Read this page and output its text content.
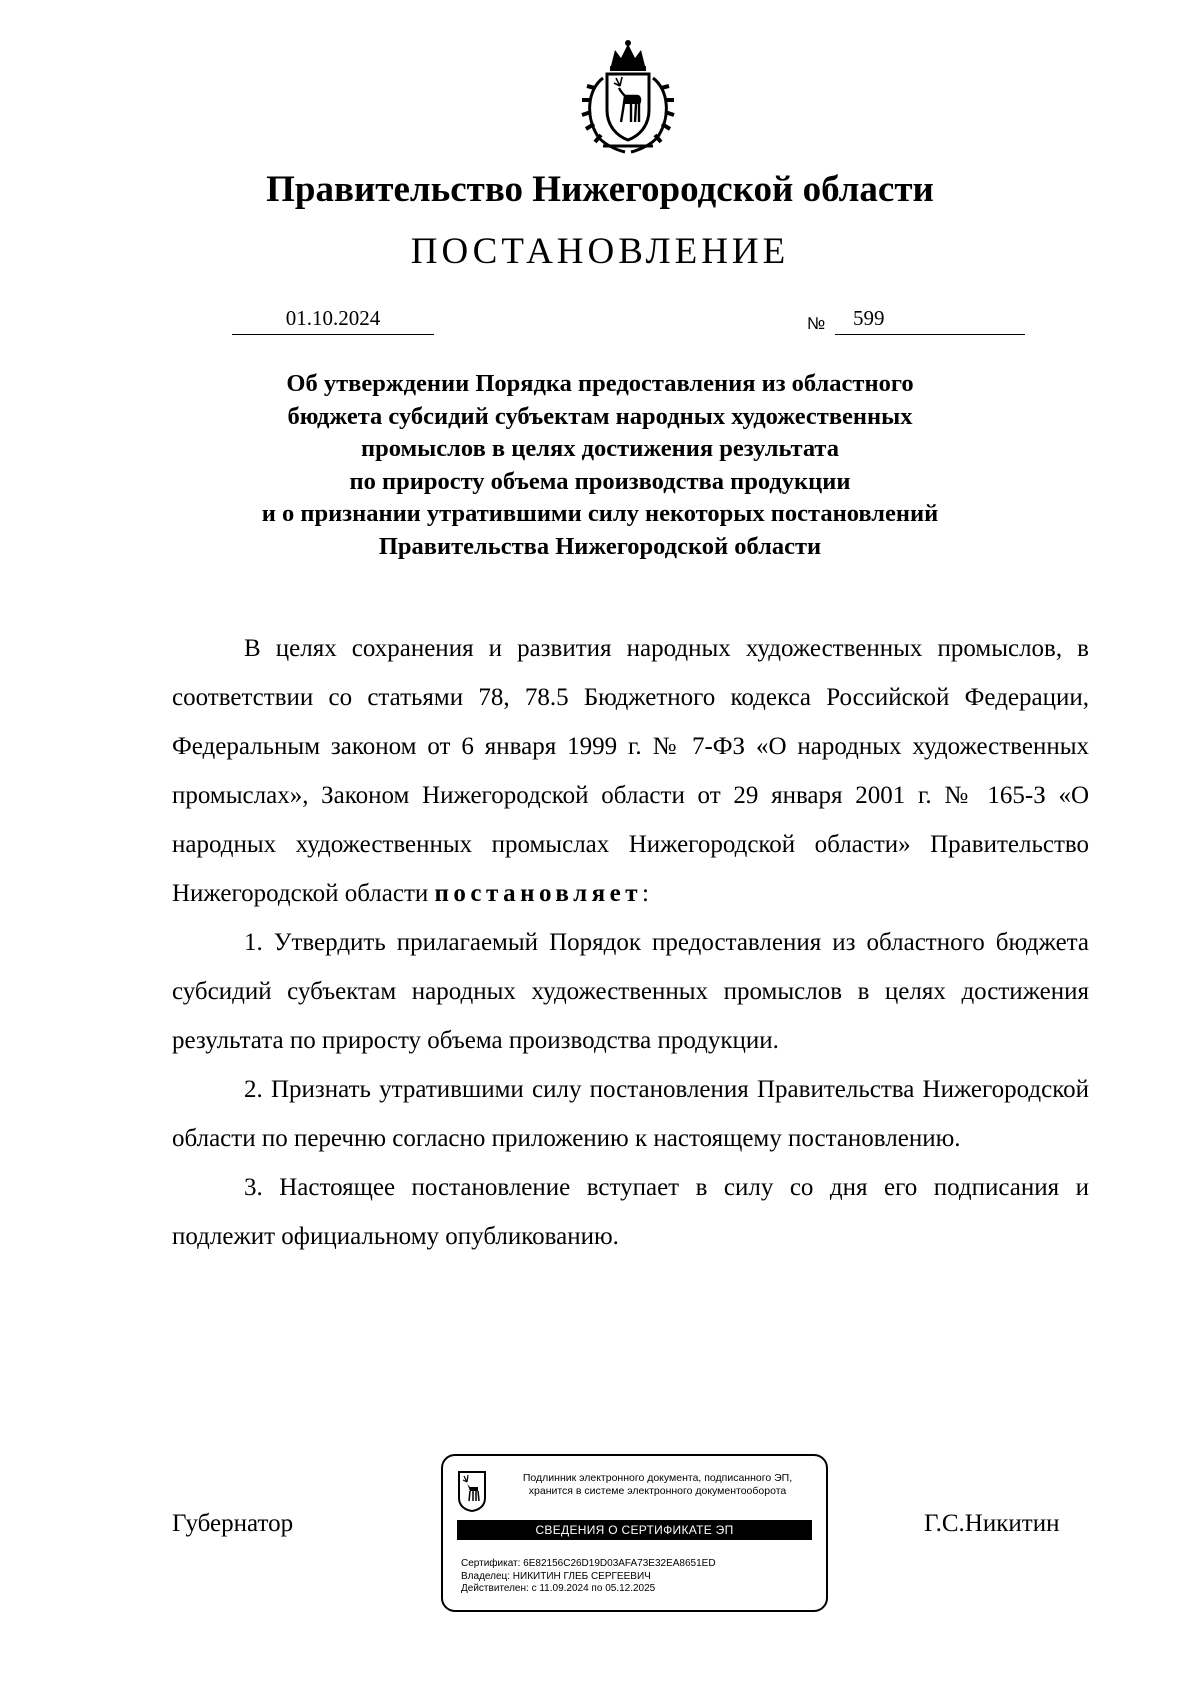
Правительство Нижегородской области
ПОСТАНОВЛЕНИЕ
01.10.2024	№	599
Об утверждении Порядка предоставления из областного
бюджета субсидий субъектам народных художественных
промыслов в целях достижения результата
по приросту объема производства продукции
и о признании утратившими силу некоторых постановлений
Правительства Нижегородской области

В целях сохранения и развития народных художественных промыслов, в соответствии со статьями 78, 78.5 Бюджетного кодекса Российской Федерации, Федеральным законом от 6 января 1999 г. № 7-ФЗ «О народных художественных промыслах», Законом Нижегородской области от 29 января 2001 г. № 165-З «О народных художественных промыслах Нижегородской области» Правительство Нижегородской области постановляет:

1. Утвердить прилагаемый Порядок предоставления из областного бюджета субсидий субъектам народных художественных промыслов в целях достижения результата по приросту объема производства продукции.

2. Признать утратившими силу постановления Правительства Нижегородской области по перечню согласно приложению к настоящему постановлению.

3. Настоящее постановление вступает в силу со дня его подписания и подлежит официальному опубликованию.

Губернатор	Г.С.Никитин
Подлинник электронного документа, подписанного ЭП,
хранится в системе электронного документооборота
СВЕДЕНИЯ О СЕРТИФИКАТЕ ЭП
Сертификат: 6E82156C26D19D03AFA73E32EA8651ED
Владелец: НИКИТИН ГЛЕБ СЕРГЕЕВИЧ
Действителен: с 11.09.2024 по 05.12.2025
